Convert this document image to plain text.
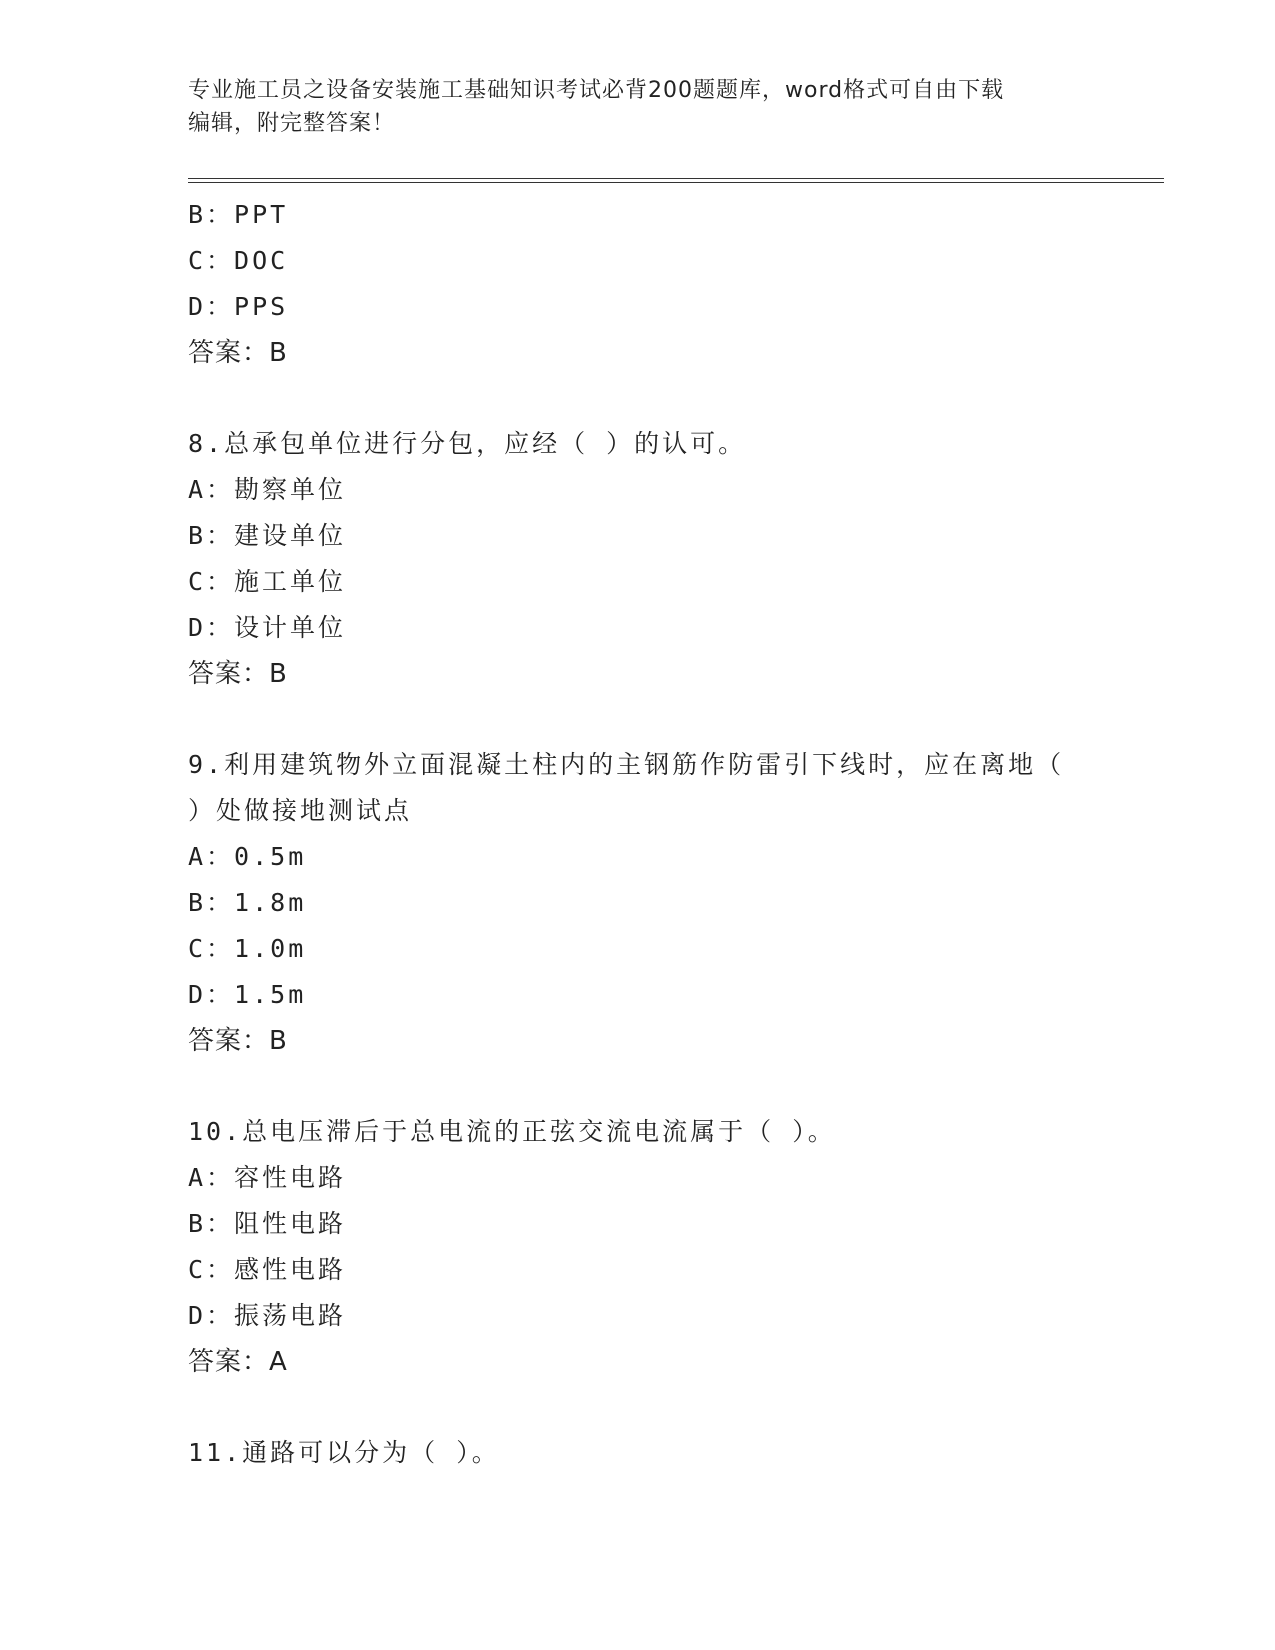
专业施工员之设备安装施工基础知识考试必背200题题库，word格式可自由下载
编辑，附完整答案！
B：PPT
C：DOC
D：PPS
答案：B
8.总承包单位进行分包，应经（ ）的认可。
A：勘察单位
B：建设单位
C：施工单位
D：设计单位
答案：B
9.利用建筑物外立面混凝土柱内的主钢筋作防雷引下线时，应在离地（ ）处做接地测试点
A：0.5m
B：1.8m
C：1.0m
D：1.5m
答案：B
10.总电压滞后于总电流的正弦交流电流属于（ ）。
A：容性电路
B：阻性电路
C：感性电路
D：振荡电路
答案：A
11.通路可以分为（ ）。
